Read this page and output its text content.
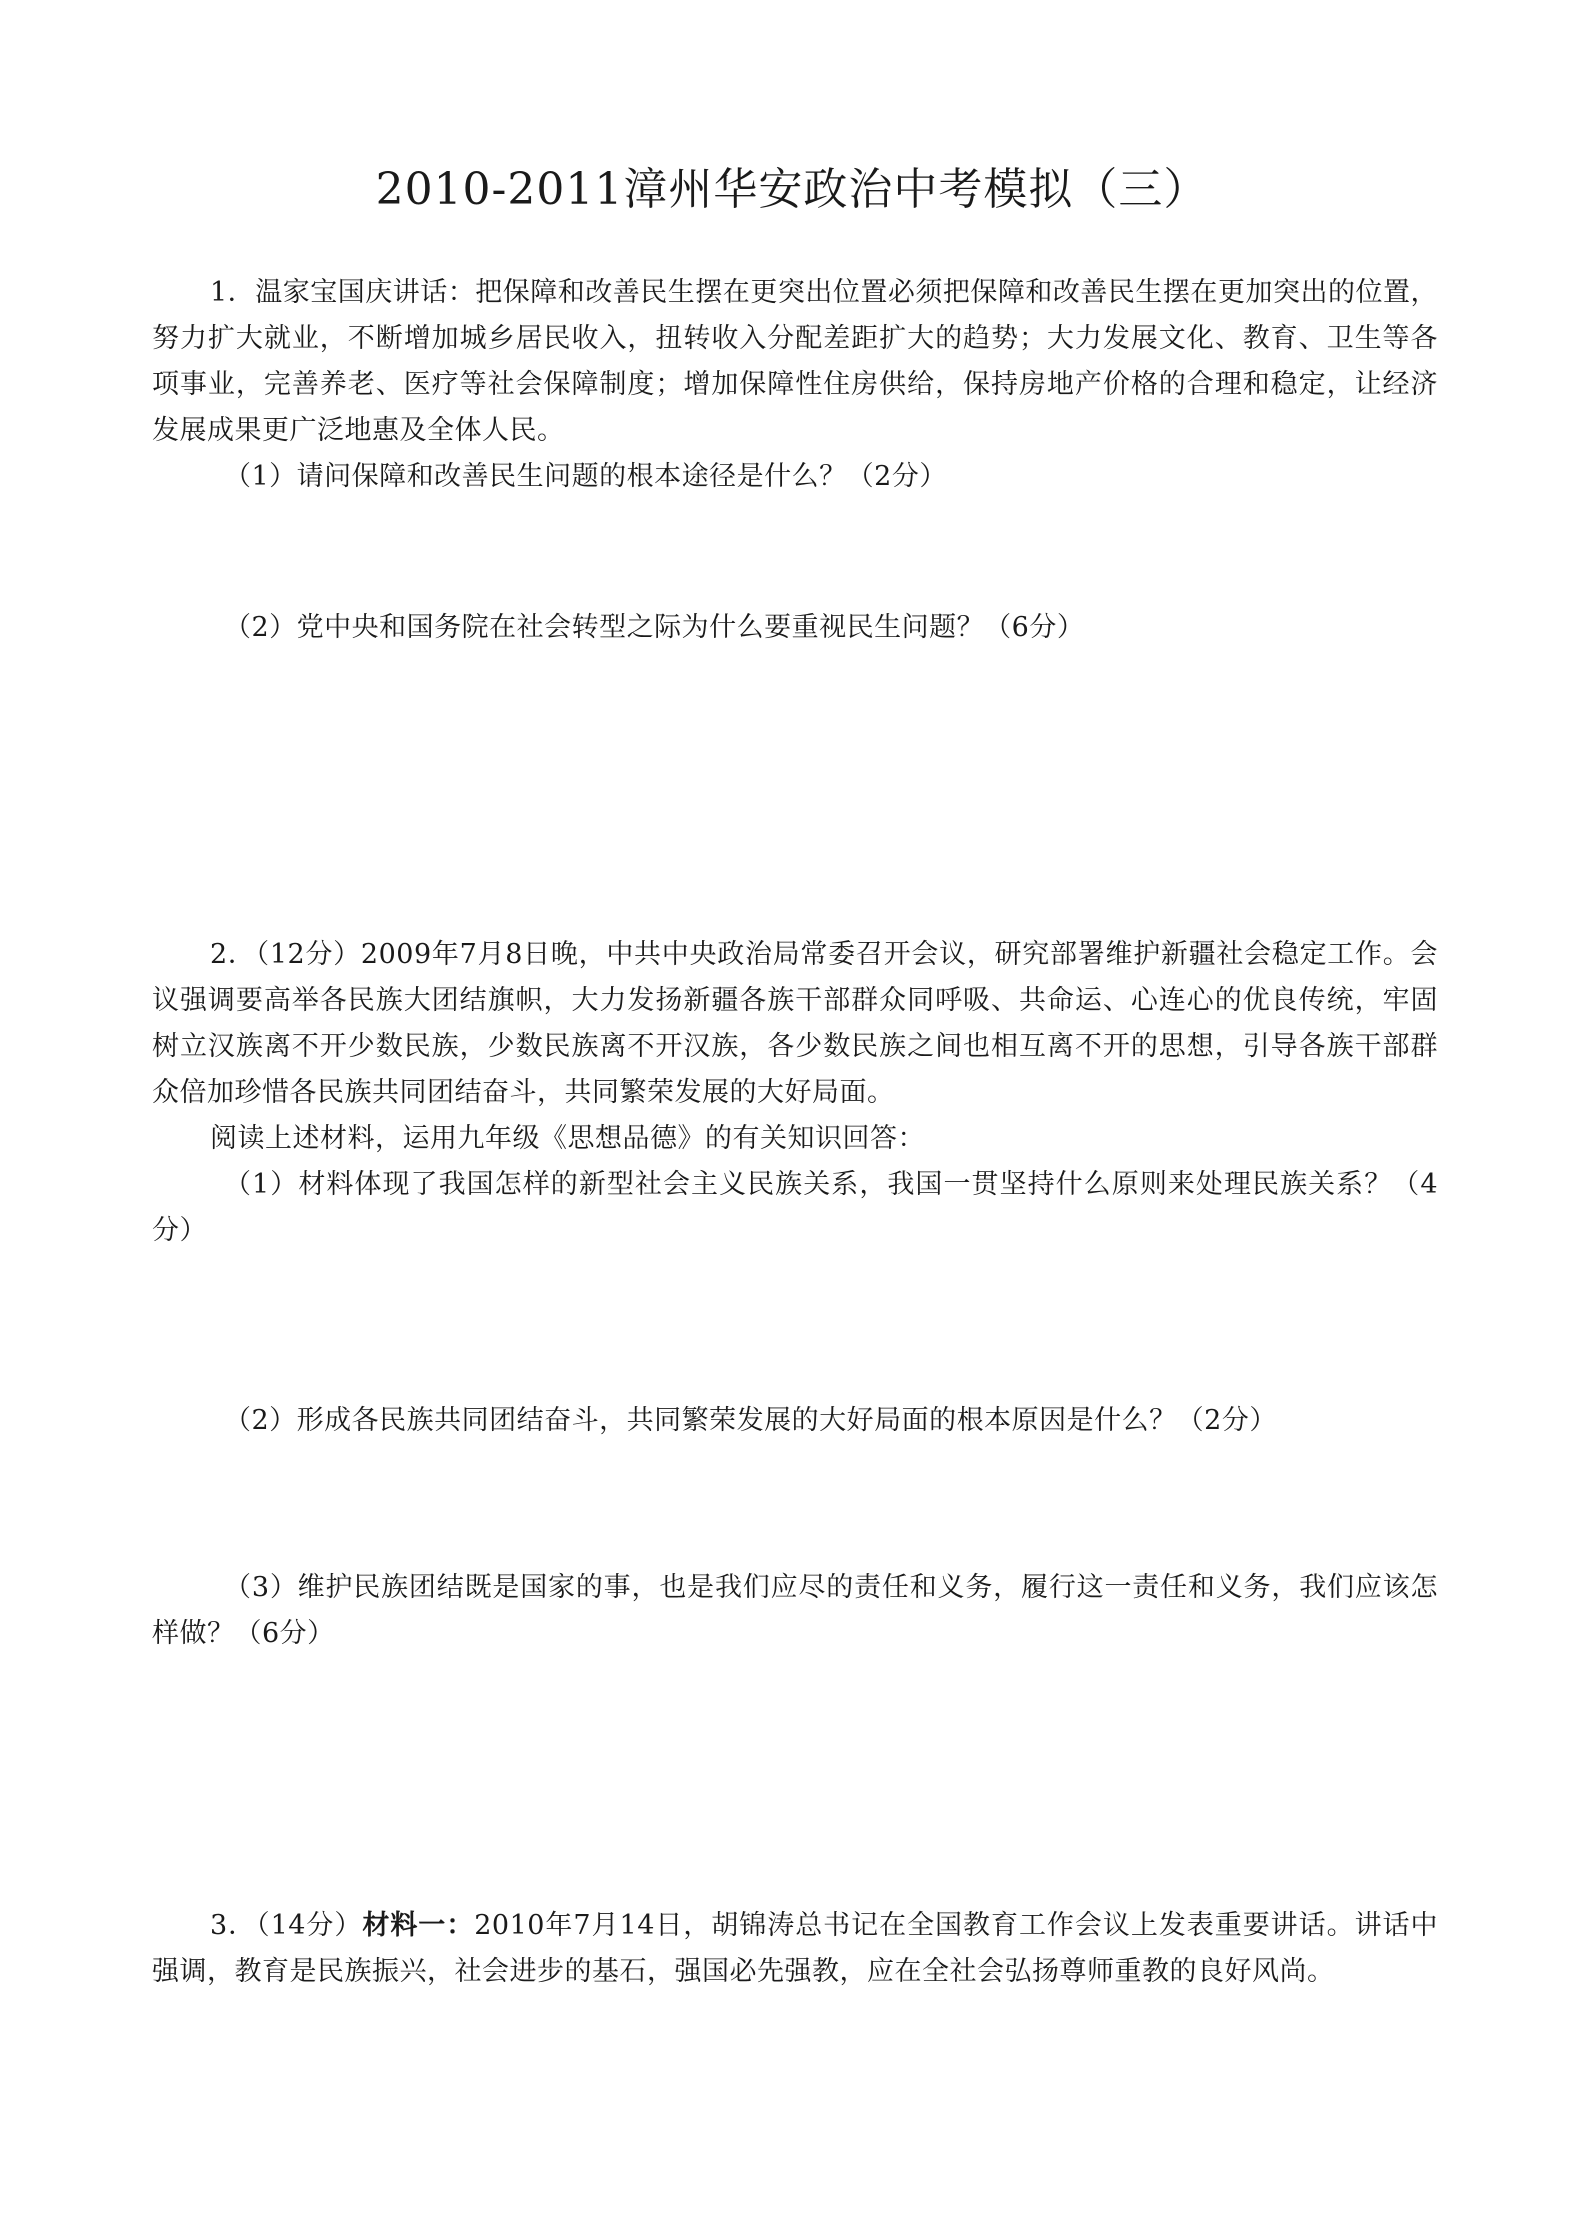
2010-2011漳州华安政治中考模拟（三）

1．温家宝国庆讲话：把保障和改善民生摆在更突出位置必须把保障和改善民生摆在更加突出的位置，努力扩大就业，不断增加城乡居民收入，扭转收入分配差距扩大的趋势；大力发展文化、教育、卫生等各项事业，完善养老、医疗等社会保障制度；增加保障性住房供给，保持房地产价格的合理和稳定，让经济发展成果更广泛地惠及全体人民。

（1）请问保障和改善民生问题的根本途径是什么？（2分）

（2）党中央和国务院在社会转型之际为什么要重视民生问题？（6分）

2．（12分）2009年7月8日晚，中共中央政治局常委召开会议，研究部署维护新疆社会稳定工作。会议强调要高举各民族大团结旗帜，大力发扬新疆各族干部群众同呼吸、共命运、心连心的优良传统，牢固树立汉族离不开少数民族，少数民族离不开汉族，各少数民族之间也相互离不开的思想，引导各族干部群众倍加珍惜各民族共同团结奋斗，共同繁荣发展的大好局面。

阅读上述材料，运用九年级《思想品德》的有关知识回答：

（1）材料体现了我国怎样的新型社会主义民族关系，我国一贯坚持什么原则来处理民族关系？（4分）

（2）形成各民族共同团结奋斗，共同繁荣发展的大好局面的根本原因是什么？（2分）

（3）维护民族团结既是国家的事，也是我们应尽的责任和义务，履行这一责任和义务，我们应该怎样做？（6分）

3．（14分）材料一：2010年7月14日，胡锦涛总书记在全国教育工作会议上发表重要讲话。讲话中强调，教育是民族振兴，社会进步的基石，强国必先强教，应在全社会弘扬尊师重教的良好风尚。
